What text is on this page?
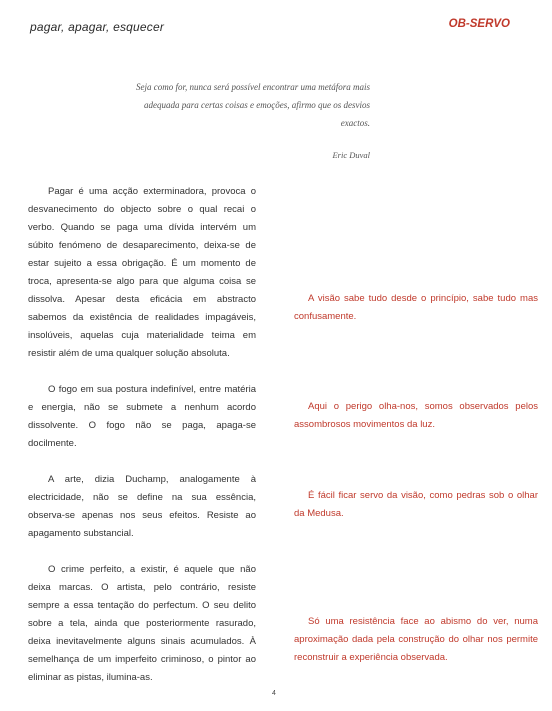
pagar, apagar, esquecer	OB-SERVO
Seja como for, nunca será possível encontrar uma metáfora mais adequada para certas coisas e emoções, afirmo que os desvios exactos.
Eric Duval

Pagar é uma acção exterminadora, provoca o desvanecimento do objecto sobre o qual recai o verbo. Quando se paga uma dívida intervém um súbito fenómeno de desaparecimento, deixa-se de estar sujeito a essa obrigação. É um momento de troca, apresenta-se algo para que alguma coisa se dissolva. Apesar desta eficácia em abstracto sabemos da existência de realidades impagáveis, insolúveis, aquelas cuja materialidade teima em resistir além de uma qualquer solução absoluta.

O fogo em sua postura indefinível, entre matéria e energia, não se submete a nenhum acordo dissolvente. O fogo não se paga, apaga-se docilmente.

A arte, dizia Duchamp, analogamente à electricidade, não se define na sua essência, observa-se apenas nos seus efeitos. Resiste ao apagamento substancial.

O crime perfeito, a existir, é aquele que não deixa marcas. O artista, pelo contrário, resiste sempre a essa tentação do perfectum. O seu delito sobre a tela, ainda que posteriormente rasurado, deixa inevitavelmente alguns sinais acumulados. À semelhança de um imperfeito criminoso, o pintor ao eliminar as pistas, ilumina-as.

A visão sabe tudo desde o princípio, sabe tudo mas confusamente.

Aqui o perigo olha-nos, somos observados pelos assombrosos movimentos da luz.

É fácil ficar servo da visão, como pedras sob o olhar da Medusa.

Só uma resistência face ao abismo do ver, numa aproximação dada pela construção do olhar nos permite reconstruir a experiência observada.

4
